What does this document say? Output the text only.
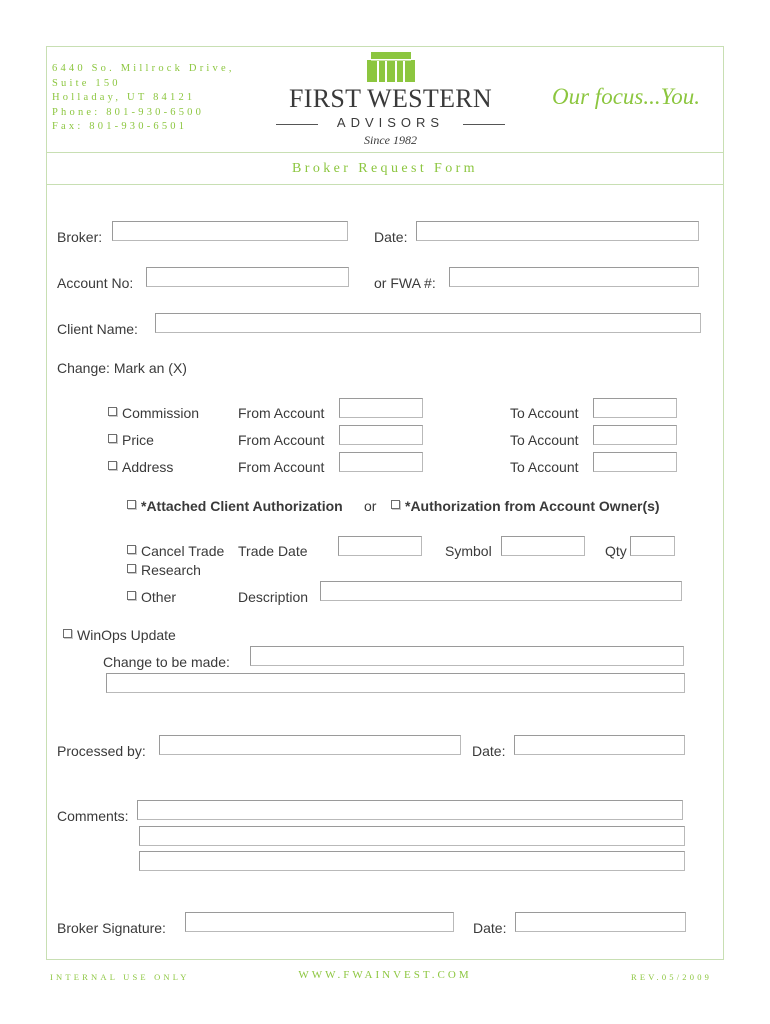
6440 So. Millrock Drive,
Suite 150
Holladay, UT 84121
Phone: 801-930-6500
Fax: 801-930-6501
FIRST WESTERN
ADVISORS
Since 1982
Our focus...You.
Broker Request Form
Broker:	Date:
Account No:	or FWA #:
Client Name:
Change: Mark an (X)
Commission	From Account	To Account
Price	From Account	To Account
Address	From Account	To Account
*Attached Client Authorization or *Authorization from Account Owner(s)
Cancel Trade Trade Date	Symbol	Qty
Research
Other	Description
WinOps Update
Change to be made:
Processed by:	Date:
Comments:
Broker Signature:	Date:
INTERNAL USE ONLY	WWW.FWAINVEST.COM	REV.05/2009
